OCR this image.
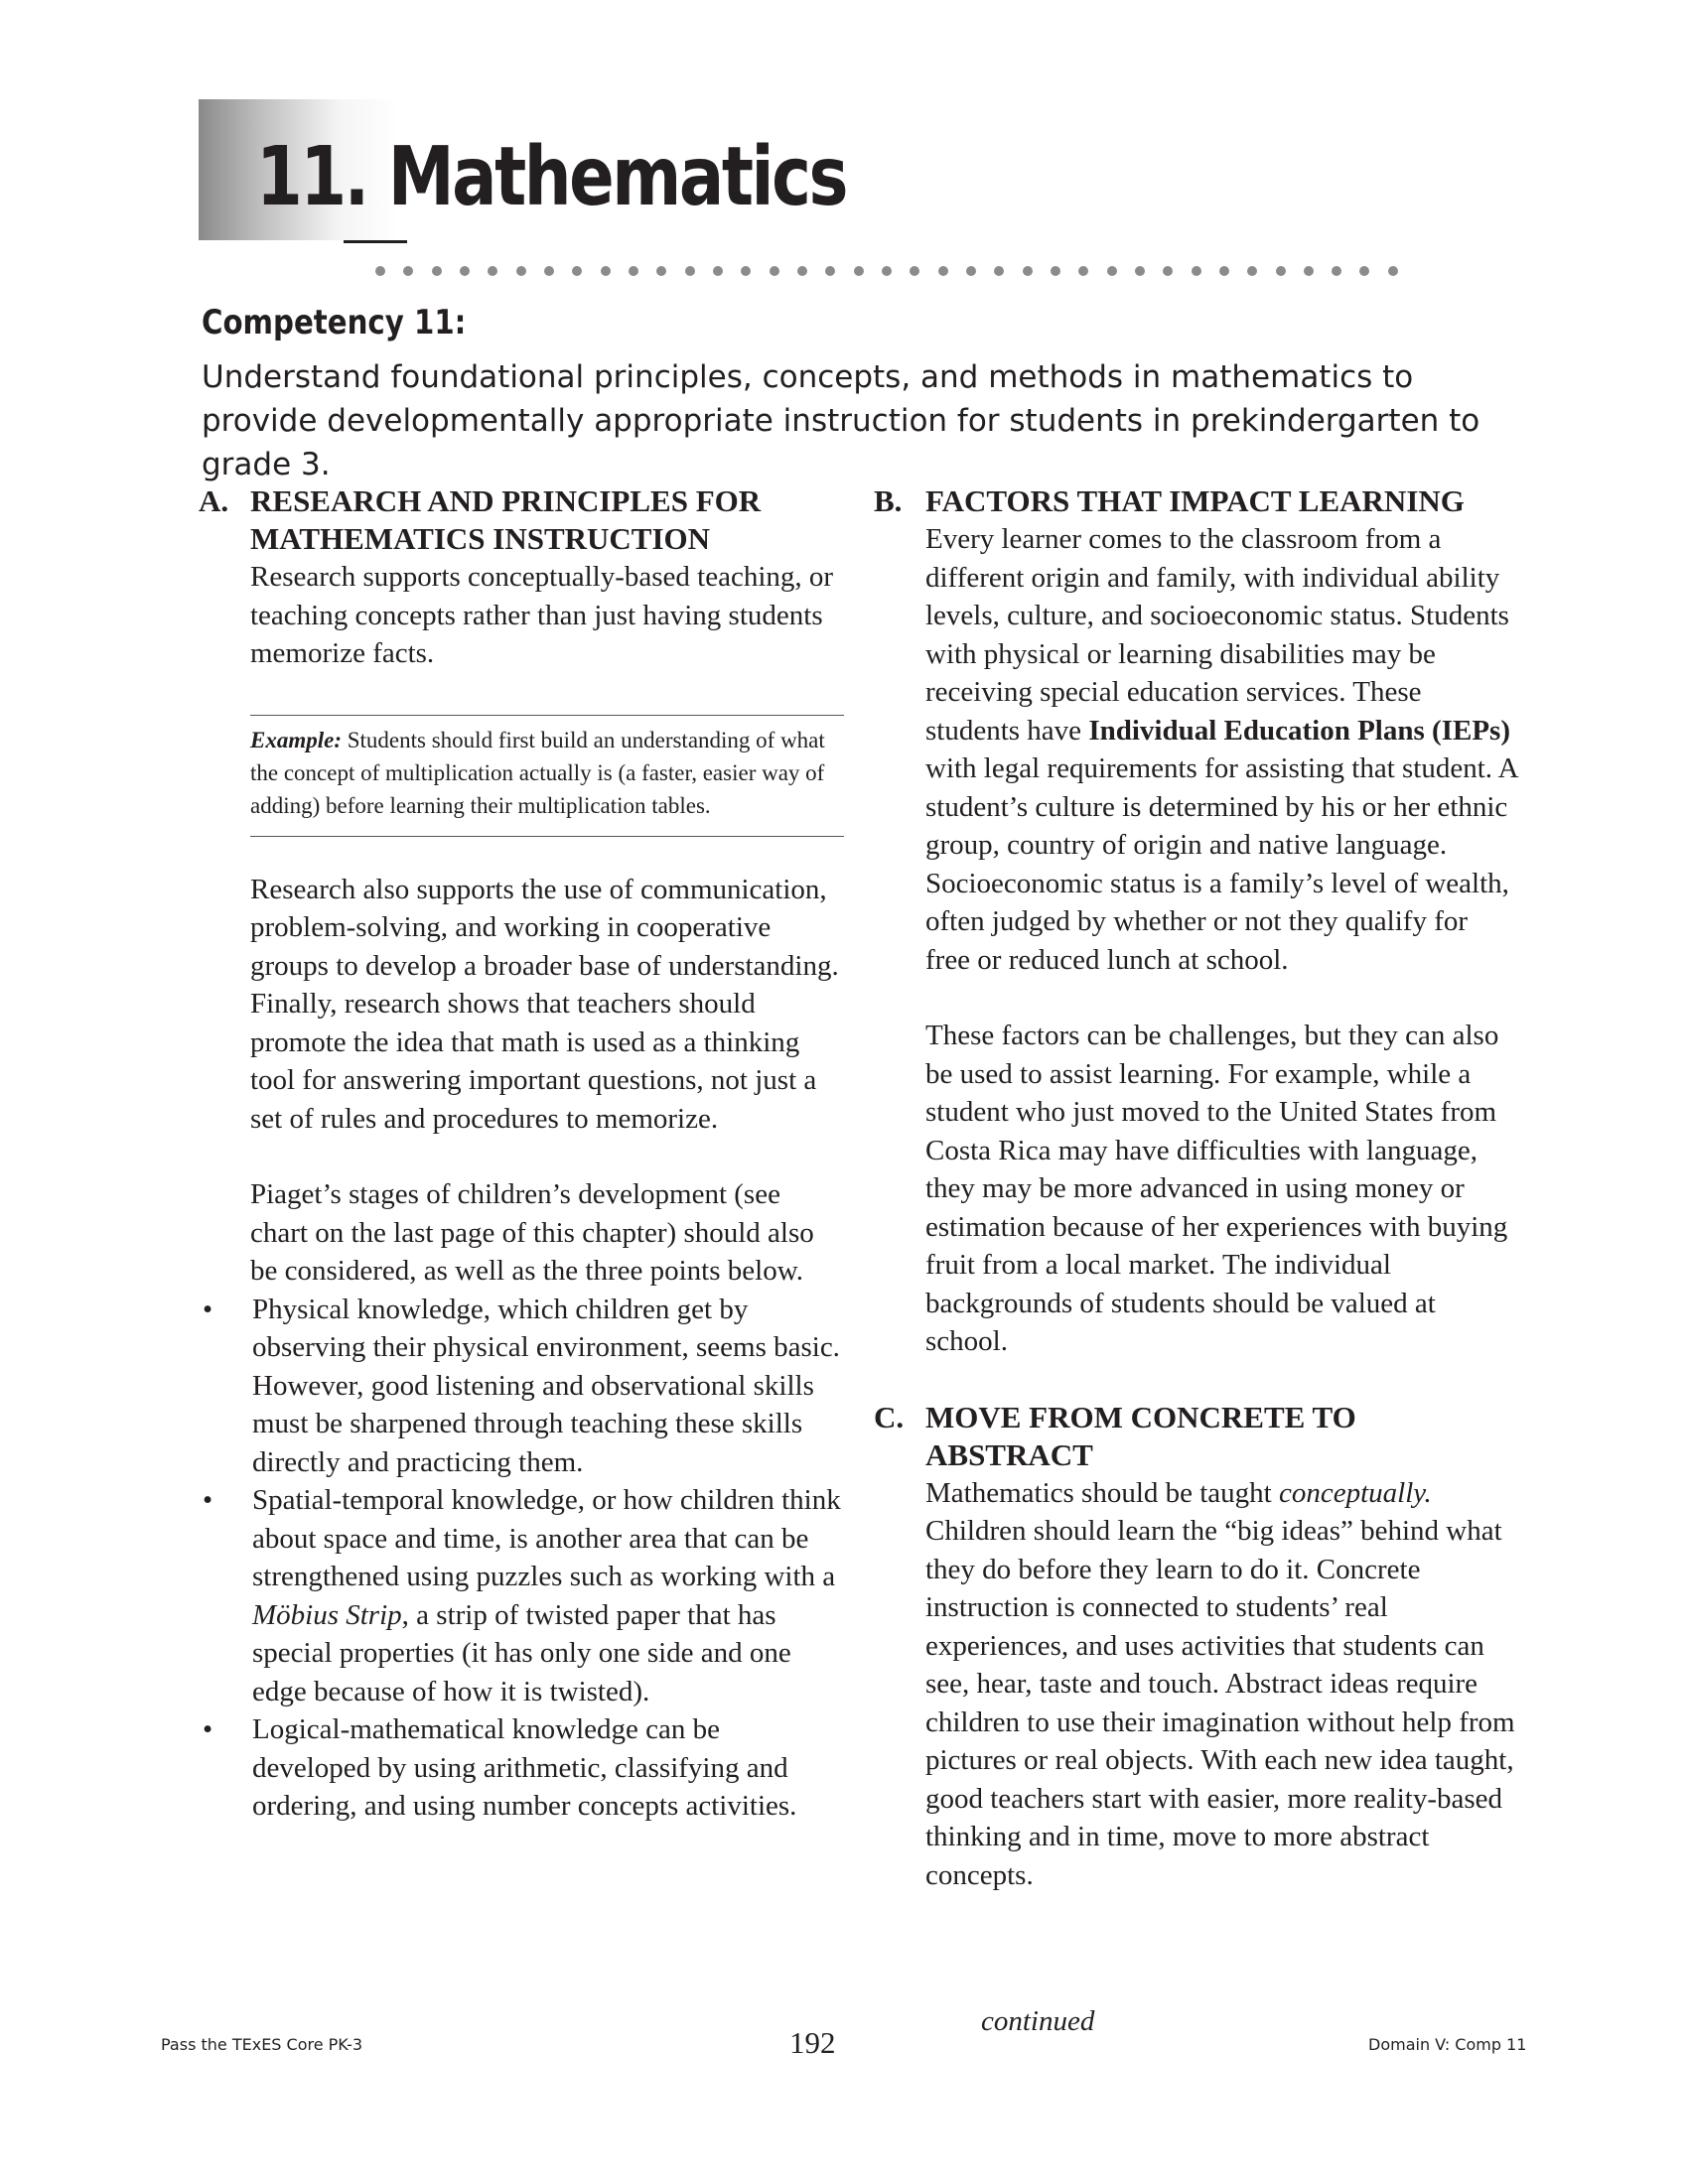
11. Mathematics
Competency 11:
Understand foundational principles, concepts, and methods in mathematics to provide developmentally appropriate instruction for students in prekindergarten to grade 3.
A. RESEARCH AND PRINCIPLES FOR MATHEMATICS INSTRUCTION

Research supports conceptually-based teaching, or teaching concepts rather than just having students memorize facts.

Example: Students should first build an understanding of what the concept of multiplication actually is (a faster, easier way of adding) before learning their multiplication tables.

Research also supports the use of communication, problem-solving, and working in cooperative groups to develop a broader base of understanding. Finally, research shows that teachers should promote the idea that math is used as a thinking tool for answering important questions, not just a set of rules and procedures to memorize.

Piaget’s stages of children’s development (see chart on the last page of this chapter) should also be considered, as well as the three points below.

• Physical knowledge, which children get by observing their physical environment, seems basic. However, good listening and observational skills must be sharpened through teaching these skills directly and practicing them.
• Spatial-temporal knowledge, or how children think about space and time, is another area that can be strengthened using puzzles such as working with a Möbius Strip, a strip of twisted paper that has special properties (it has only one side and one edge because of how it is twisted).
• Logical-mathematical knowledge can be developed by using arithmetic, classifying and ordering, and using number concepts activities.
B. FACTORS THAT IMPACT LEARNING

Every learner comes to the classroom from a different origin and family, with individual ability levels, culture, and socioeconomic status. Students with physical or learning disabilities may be receiving special education services. These students have Individual Education Plans (IEPs) with legal requirements for assisting that student. A student’s culture is determined by his or her ethnic group, country of origin and native language. Socioeconomic status is a family’s level of wealth, often judged by whether or not they qualify for free or reduced lunch at school.

These factors can be challenges, but they can also be used to assist learning. For example, while a student who just moved to the United States from Costa Rica may have difficulties with language, they may be more advanced in using money or estimation because of her experiences with buying fruit from a local market. The individual backgrounds of students should be valued at school.

C. MOVE FROM CONCRETE TO ABSTRACT

Mathematics should be taught conceptually. Children should learn the “big ideas” behind what they do before they learn to do it. Concrete instruction is connected to students’ real experiences, and uses activities that students can see, hear, taste and touch. Abstract ideas require children to use their imagination without help from pictures or real objects. With each new idea taught, good teachers start with easier, more reality-based thinking and in time, move to more abstract concepts.

Pass the TExES Core PK-3	192
continued
Domain V: Comp 11
